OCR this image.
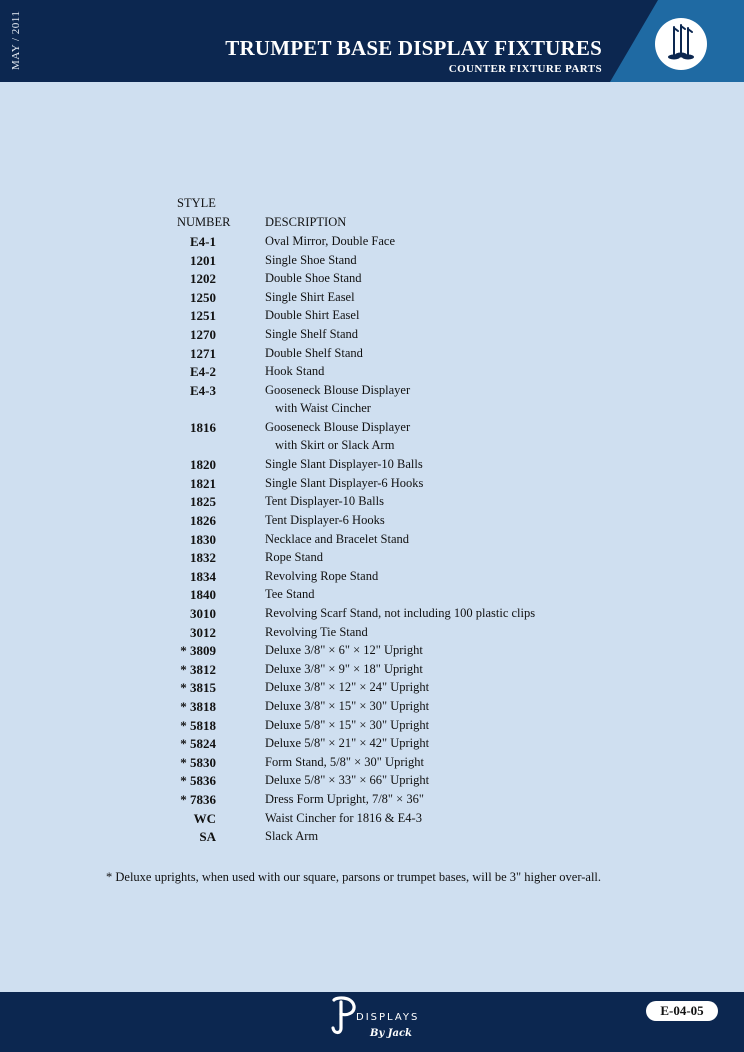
MAY / 2011	TRUMPET BASE DISPLAY FIXTURES
COUNTER FIXTURE PARTS
STYLE
NUMBER	DESCRIPTION
E4-1	Oval Mirror, Double Face
1201	Single Shoe Stand
1202	Double Shoe Stand
1250	Single Shirt Easel
1251	Double Shirt Easel
1270	Single Shelf Stand
1271	Double Shelf Stand
E4-2	Hook Stand
E4-3	Gooseneck Blouse Displayer
with Waist Cincher
1816	Gooseneck Blouse Displayer
with Skirt or Slack Arm
1820	Single Slant Displayer-10 Balls
1821	Single Slant Displayer-6 Hooks
1825	Tent Displayer-10 Balls
1826	Tent Displayer-6 Hooks
1830	Necklace and Bracelet Stand
1832	Rope Stand
1834	Revolving Rope Stand
1840	Tee Stand
3010	Revolving Scarf Stand, not including 100 plastic clips
3012	Revolving Tie Stand
* 3809	Deluxe 3/8" × 6" × 12" Upright
* 3812	Deluxe 3/8" × 9" × 18" Upright
* 3815	Deluxe 3/8" × 12" × 24" Upright
* 3818	Deluxe 3/8" × 15" × 30" Upright
* 5818	Deluxe 5/8" × 15" × 30" Upright
* 5824	Deluxe 5/8" × 21" × 42" Upright
* 5830	Form Stand, 5/8" × 30" Upright
* 5836	Deluxe 5/8" × 33" × 66" Upright
* 7836	Dress Form Upright, 7/8" × 36"
WC	Waist Cincher for 1816 & E4-3
SA	Slack Arm
* Deluxe uprights, when used with our square, parsons or trumpet bases, will be 3" higher over-all.
DISPLAYS
By Jack
E-04-05
